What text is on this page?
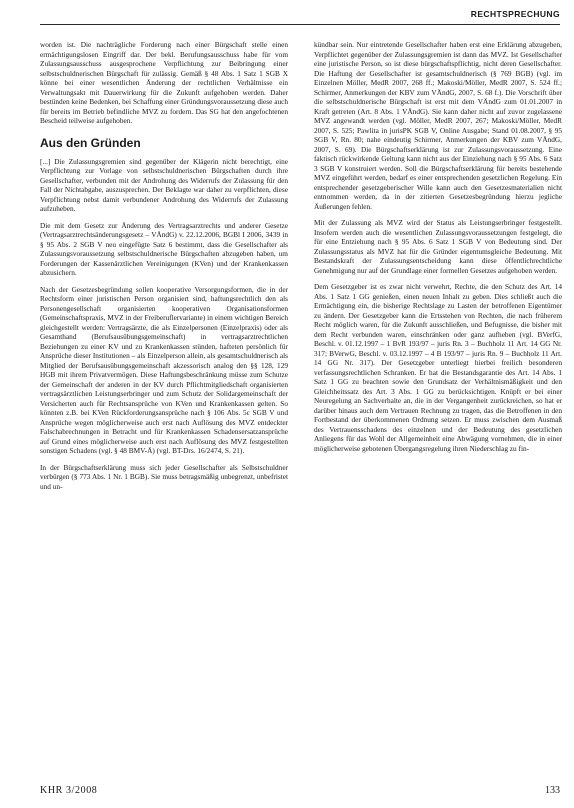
RECHTSPRECHUNG

worden ist. Die nachträgliche Forderung nach einer Bürgschaft stelle einen ermächtigungslosen Eingriff dar. Der bekl. Berufungsausschuss habe für vom Zulassungsausschuss ausgesprochene Verpflichtung zur Beibringung einer selbstschuldnerischen Bürgschaft für zulässig. Gemäß § 48 Abs. 1 Satz 1 SGB X könne bei einer wesentlichen Änderung der rechtlichen Verhältnisse ein Verwaltungsakt mit Dauerwirkung für die Zukunft aufgehoben werden. Daher bestünden keine Bedenken, bei Schaffung einer Gründungsvoraussetzung diese auch für bereits im Betrieb befindliche MVZ zu fordern. Das SG hat den angefochtenen Bescheid teilweise aufgehoben.

Aus den Gründen

[...] Die Zulassungsgremien sind gegenüber der Klägerin nicht berechtigt, eine Verpflichtung zur Vorlage von selbstschuldnerischen Bürgschaften durch ihre Gesellschafter, verbunden mit der Androhung des Widerrufs der Zulassung für den Fall der Nichtabgabe, auszusprechen. Der Beklagte war daher zu verpflichten, diese Verpflichtung nebst damit verbundener Androhung des Widerrufs der Zulassung aufzuheben.

Die mit dem Gesetz zur Änderung des Vertragsarztrechts und anderer Gesetze (Vertragsarztrechtsänderungsgesetz – VÄndG) v. 22.12.2006, BGBl I 2006, 3439 in § 95 Abs. 2 SGB V neu eingefügte Satz 6 bestimmt, dass die Gesellschafter als Zulassungsvoraussetzung selbstschuldnerische Bürgschaften abzugeben haben, um Forderungen der Kassenärztlichen Vereinigungen (KVen) und der Krankenkassen abzusichern.

Nach der Gesetzesbegründung sollen kooperative Versorgungsformen, die in der Rechtsform einer juristischen Person organisiert sind, haftungsrechtlich den als Personengesellschaft organisierten kooperativen Organisationsformen (Gemeinschaftspraxis, MVZ in der Freiberuflervariante) in einem wichtigen Bereich gleichgestellt werden: Vertragsärzte, die als Einzelpersonen (Einzelpraxis) oder als Gesamthand (Berufsausübungsgemeinschaft) in vertragsarztrechtlichen Beziehungen zu einer KV und zu Krankenkassen stünden, hafteten persönlich für Ansprüche dieser Institutionen – als Einzelperson allein, als gesamtschuldnerisch als Mitglied der Berufsausübungsgemeinschaft akzessorisch analog den §§ 128, 129 HGB mit ihrem Privatvermögen. Diese Haftungsbeschränkung müsse zum Schutze der Gemeinschaft der anderen in der KV durch Pflichtmitgliedschaft organisierten vertragsärztlichen Leistungserbringer und zum Schutz der Solidargemeinschaft der Versicherten auch für Rechtsansprüche von KVen und Krankenkassen gelten. So könnten z.B. bei KVen Rückforderungsansprüche nach § 106 Abs. 5c SGB V und Ansprüche wegen möglicherweise auch erst nach Auflösung des MVZ entdeckter Falschabrechnungen in Betracht und für Krankenkassen Schadensersatzansprüche auf Grund eines möglicherweise auch erst nach Auflösung des MVZ festgestellten sonstigen Schadens (vgl. § 48 BMV-Ä) (vgl. BT-Drs. 16/2474, S. 21).

In der Bürgschaftserklärung muss sich jeder Gesellschafter als Selbstschuldner verbürgen (§ 773 Abs. 1 Nr. 1 BGB). Sie muss betragsmäßig unbegrenzt, unbefristet und un-

kündbar sein. Nur eintretende Gesellschafter haben erst eine Erklärung abzugeben, Verpflichtet gegenüber der Zulassungsgremien ist dann das MVZ. Ist Gesellschafter eine juristische Person, so ist diese bürgschaftspflichtig, nicht deren Gesellschafter. Die Haftung der Gesellschafter ist gesamtschuldnerisch (§ 769 BGB) (vgl. im Einzelnen Möller, MedR 2007, 268 ff.; Makoski/Möller, MedR 2007, S. 524 ff.; Schirmer, Anmerkungen der KBV zum VÄndG, 2007, S. 68 f.). Die Vorschrift über die selbstschuldnerische Bürgschaft ist erst mit dem VÄndG zum 01.01.2007 in Kraft getreten (Art. 8 Abs. 1 VÄndG). Sie kann daher nicht auf zuvor zugelassene MVZ angewandt werden (vgl. Möller, MedR 2007, 267; Makoski/Möller, MedR 2007, S. 525; Pawlita in jurisPK SGB V, Online Ausgabe; Stand 01.08.2007, § 95 SGB V, Rn. 80; nahe eindeutig Schirmer, Anmerkungen der KBV zum VÄndG, 2007, S. 69). Die Bürgschaftserklärung ist zur Zulassungsvoraussetzung. Eine faktisch rückwirkende Geltung kann nicht aus der Einziehung nach § 95 Abs. 6 Satz 3 SGB V konstruiert werden. Soll die Bürgschaftserklärung für bereits bestehende MVZ eingeführt werden, bedarf es einer entsprechenden gesetzlichen Regelung. Ein entsprechender gesetzgeberischer Wille kann auch den Gesetzesmaterialien nicht entnommen werden, da in der zitierten Gesetzesbegründung hierzu jegliche Äußerungen fehlen.

Mit der Zulassung als MVZ wird der Status als Leistungserbringer festgestellt. Insofern werden auch die wesentlichen Zulassungsvoraussetzungen festgelegt, die für eine Entziehung nach § 95 Abs. 6 Satz 1 SGB V von Bedeutung sind. Der Zulassungsstatus als MVZ hat für die Gründer eigentumsgleiche Bedeutung. Mit Bestandskraft der Zulassungsentscheidung kann diese öffentlichrechtliche Genehmigung nur auf der Grundlage einer formellen Gesetzes aufgehoben werden.

Dem Gesetzgeber ist es zwar nicht verwehrt, Rechte, die den Schutz des Art. 14 Abs. 1 Satz 1 GG genießen, einen neuen Inhalt zu geben. Dies schließt auch die Ermächtigung ein, die bisherige Rechtslage zu Lasten der betroffenen Eigentümer zu ändern. Der Gesetzgeber kann die Ertsstehen von Rechten, die nach früherem Recht möglich waren, für die Zukunft ausschließen, und Befugnisse, die bisher mit dem Recht verbunden waren, einschränken oder ganz aufheben (vgl. BVerfG, Beschl. v. 01.12.1997 – 1 BvR 193/97 – juris Rn. 3 – Buchholz 11 Art. 14 GG Nr. 317; BVerwG, Beschl. v. 03.12.1997 – 4 B 193/97 – juris Rn. 9 – Buchholz 11 Art. 14 GG Nr. 317). Der Gesetzgeber unterliegt hierbei freilich besonderen verfassungsrechtlichen Schranken. Er hat die Bestandsgarantie des Art. 14 Abs. 1 Satz 1 GG zu beachten sowie den Grundsatz der Verhältnismäßigkeit und den Gleichheitssatz des Art. 3 Abs. 1 GG zu berücksichtigen. Knüpft er bei einer Neuregelung an Sachverhalte an, die in der Vergangenheit zurückreichen, so hat er darüber hinaus auch dem Vertrauen Rechnung zu tragen, das die Betroffenen in den Fortbestand der überkommenen Ordnung setzen. Er muss zwischen dem Ausmaß des Vertrauensschadens des einzelnen und der Bedeutung des gesetzlichen Anliegens für das Wohl der Allgemeinheit eine Abwägung vornehmen, die in einer möglicherweise gebotenen Übergangsregelung ihren Niederschlag zu fin-

KHR 3/2008	133
